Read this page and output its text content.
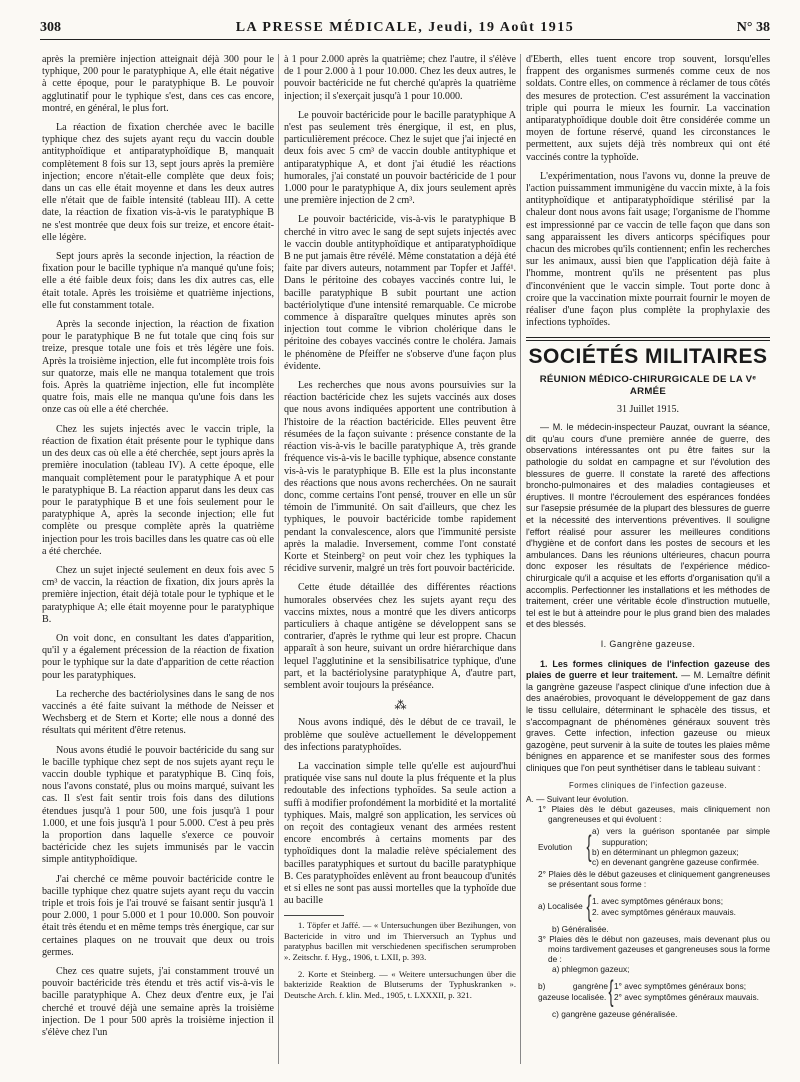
308	LA PRESSE MÉDICALE, Jeudi, 19 Août 1915	N° 38

après la première injection atteignait déjà 300 pour le typhique, 200 pour le paratyphique A, elle était négative à cette époque, pour le paratyphique B. Le pouvoir agglutinatif pour le typhique s'est, dans ces cas encore, montré, en général, le plus fort.

La réaction de fixation cherchée avec le bacille typhique chez des sujets ayant reçu du vaccin double antityphoïdique et antiparatyphoïdique B, manquait complètement 8 fois sur 13, sept jours après la première injection; encore n'était-elle complète que deux fois; dans un cas elle était moyenne et dans les deux autres elle n'était que de faible intensité (tableau III). A cette date, la réaction de fixation vis-à-vis le paratyphique B ne s'est montrée que deux fois sur treize, et encore était-elle légère.

Sept jours après la seconde injection, la réaction de fixation pour le bacille typhique n'a manqué qu'une fois; elle a été faible deux fois; dans les dix autres cas, elle était totale. Après les troisième et quatrième injections, elle fut constamment totale.

Après la seconde injection, la réaction de fixation pour le paratyphique B ne fut totale que cinq fois sur treize, presque totale une fois et très légère une fois. Après la troisième injection, elle fut incomplète trois fois sur quatorze, mais elle ne manqua totalement que trois fois. Après la quatrième injection, elle fut incomplète quatre fois, mais elle ne manqua qu'une fois dans les onze cas où elle a été cherchée.

Chez les sujets injectés avec le vaccin triple, la réaction de fixation était présente pour le typhique dans un des deux cas où elle a été cherchée, sept jours après la première inoculation (tableau IV). A cette époque, elle manquait complètement pour le paratyphique A et pour le paratyphique B. La réaction apparut dans les deux cas pour le paratyphique B et une fois seulement pour le paratyphique A, après la seconde injection; elle fut complète ou presque complète après la quatrième injection pour les trois bacilles dans les quatre cas où elle a été cherchée.

Chez un sujet injecté seulement en deux fois avec 5 cm³ de vaccin, la réaction de fixation, dix jours après la première injection, était déjà totale pour le typhique et le paratyphique A; elle était moyenne pour le paratyphique B.

On voit donc, en consultant les dates d'apparition, qu'il y a également précession de la réaction de fixation pour le typhique sur la date d'apparition de cette réaction pour les paratyphiques.

La recherche des bactériolysines dans le sang de nos vaccinés a été faite suivant la méthode de Neisser et Wechsberg et de Stern et Korte; elle nous a donné des résultats qui méritent d'être retenus.

Nous avons étudié le pouvoir bactéricide du sang sur le bacille typhique chez sept de nos sujets ayant reçu le vaccin double typhique et paratyphique B. Cinq fois, nous l'avons constaté, plus ou moins marqué, suivant les cas. Il s'est fait sentir trois fois dans des dilutions étendues jusqu'à 1 pour 500, une fois jusqu'à 1 pour 1.000, et une fois jusqu'à 1 pour 5.000. C'est à peu près la proportion dans laquelle s'exerce ce pouvoir bactéricide chez les sujets immunisés par le vaccin simple antityphoïdique.

J'ai cherché ce même pouvoir bactéricide contre le bacille typhique chez quatre sujets ayant reçu du vaccin triple et trois fois je l'ai trouvé se faisant sentir jusqu'à 1 pour 2.000, 1 pour 5.000 et 1 pour 10.000. Son pouvoir était très étendu et en même temps très énergique, car sur certaines plaques on ne trouvait que deux ou trois germes.

Chez ces quatre sujets, j'ai constamment trouvé un pouvoir bactéricide très étendu et très actif vis-à-vis le bacille paratyphique A. Chez deux d'entre eux, je l'ai cherché et trouvé déjà une semaine après la troisième injection. De 1 pour 500 après la troisième injection il s'élève chez l'un

à 1 pour 2.000 après la quatrième; chez l'autre, il s'élève de 1 pour 2.000 à 1 pour 10.000. Chez les deux autres, le pouvoir bactéricide ne fut cherché qu'après la quatrième injection; il s'exerçait jusqu'à 1 pour 10.000.

Le pouvoir bactéricide pour le bacille paratyphique A n'est pas seulement très énergique, il est, en plus, particulièrement précoce. Chez le sujet que j'ai injecté en deux fois avec 5 cm³ de vaccin double antityphique et antiparatyphique A, et dont j'ai étudié les réactions humorales, j'ai constaté un pouvoir bactéricide de 1 pour 1.000 pour le paratyphique A, dix jours seulement après une première injection de 2 cm³.

Le pouvoir bactéricide, vis-à-vis le paratyphique B cherché in vitro avec le sang de sept sujets injectés avec le vaccin double antityphoïdique et antiparatyphoïdique B ne put jamais être révélé. Même constatation a déjà été faite par divers auteurs, notamment par Topfer et Jaffé¹. Dans le péritoine des cobayes vaccinés contre lui, le bacille paratyphique B subit pourtant une action bactériolytique d'une intensité remarquable. Ce microbe commence à disparaître quelques minutes après son injection tout comme le vibrion cholérique dans le péritoine des cobayes vaccinés contre le choléra. Jamais le phénomène de Pfeiffer ne s'observe d'une façon plus évidente.

Les recherches que nous avons poursuivies sur la réaction bactéricide chez les sujets vaccinés aux doses que nous avons indiquées apportent une contribution à l'histoire de la réaction bactéricide. Elles peuvent être résumées de la façon suivante : présence constante de la réaction vis-à-vis le bacille paratyphique A, très grande fréquence vis-à-vis le bacille typhique, absence constante vis-à-vis le paratyphique B. Elle est la plus inconstante des réactions que nous avons recherchées. On ne saurait donc, comme certains l'ont pensé, trouver en elle un sûr témoin de l'immunité. On sait d'ailleurs, que chez les typhiques, le pouvoir bactéricide tombe rapidement pendant la convalescence, alors que l'immunité persiste après la maladie. Inversement, comme l'ont constaté Korte et Steinberg² on peut voir chez les typhiques la récidive survenir, malgré un très fort pouvoir bactéricide.

Cette étude détaillée des différentes réactions humorales observées chez les sujets ayant reçu des vaccins mixtes, nous a montré que les divers anticorps particuliers à chaque antigène se développent sans se contrarier, d'après le rythme qui leur est propre. Chacun apparaît à son heure, suivant un ordre hiérarchique dans lequel l'agglutinine et la sensibilisatrice typhique, d'une part, et la bactériolysine paratyphique A, d'autre part, semblent avoir toujours la préséance.

⁂

Nous avons indiqué, dès le début de ce travail, le problème que soulève actuellement le développement des infections paratyphoïdes.

La vaccination simple telle qu'elle est aujourd'hui pratiquée vise sans nul doute la plus fréquente et la plus redoutable des infections typhoïdes. Sa seule action a suffi à modifier profondément la morbidité et la mortalité typhiques. Mais, malgré son application, les services où on reçoit des contagieux venant des armées restent encore encombrés à certains moments par des typhoïdiques dont la maladie relève spécialement des bacilles paratyphiques et surtout du bacille paratyphique B. Ces paratyphoïdes enlèvent au front beaucoup d'unités et si elles ne sont pas aussi mortelles que la typhoïde due au bacille

1. Töpfer et Jaffé. — « Untersuchungen über Bezihungen, von Bactericide in vitro und im Thierversuch an Typhus und paratyphus bacillen mit verschiedenen specifischen serumproben ». Zeitschr. f. Hyg., 1906, t. LXII, p. 393.

2. Korte et Steinberg. — « Weitere untersuchungen über die bakterizide Reaktion de Blutserums der Typhuskranken ». Deutsche Arch. f. klin. Med., 1905, t. LXXXII, p. 321.

d'Eberth, elles tuent encore trop souvent, lorsqu'elles frappent des organismes surmenés comme ceux de nos soldats. Contre elles, on commence à réclamer de tous côtés des mesures de protection. C'est assurément la vaccination triple qui pourra le mieux les fournir. La vaccination antiparatyphoïdique double doit être considérée comme un moyen de fortune réservé, quand les circonstances le permettent, aux sujets déjà très nombreux qui ont été vaccinés contre la typhoïde.

L'expérimentation, nous l'avons vu, donne la preuve de l'action puissamment immunigène du vaccin mixte, à la fois antityphoïdique et antiparatyphoïdique stérilisé par la chaleur dont nous avons fait usage; l'organisme de l'homme est impressionné par ce vaccin de telle façon que dans son sang apparaissent les divers anticorps spécifiques pour chacun des microbes qu'ils contiennent; enfin les recherches sur les animaux, aussi bien que l'application déjà faite à l'homme, montrent qu'ils ne présentent pas plus d'inconvénient que le vaccin simple. Tout porte donc à croire que la vaccination mixte pourrait fournir le moyen de réaliser d'une façon plus complète la prophylaxie des infections typhoïdes.

SOCIÉTÉS MILITAIRES
RÉUNION MÉDICO-CHIRURGICALE DE LA Vᵉ ARMÉE
31 Juillet 1915.

— M. le médecin-inspecteur Pauzat, ouvrant la séance, dit qu'au cours d'une première année de guerre, des observations intéressantes ont pu être faites sur la pathologie du soldat en campagne et sur l'évolution des blessures de guerre. Il constate la rareté des affections broncho-pulmonaires et des maladies contagieuses et éruptives. Il montre l'écroulement des espérances fondées sur l'asepsie présumée de la plupart des blessures de guerre et la nécessité des interventions préventives. Il souligne l'effort réalisé pour assurer les meilleures conditions d'hygiène et de confort dans les postes de secours et les ambulances. Dans les réunions ultérieures, chacun pourra donc exposer les résultats de l'expérience médico-chirurgicale qu'il a acquise et les efforts d'organisation qu'il a accomplis. Perfectionner les installations et les méthodes de traitement, créer une véritable école d'instruction mutuelle, tel est le but à atteindre pour le plus grand bien des malades et des blessés.

I. Gangrène gazeuse.

1. Les formes cliniques de l'infection gazeuse des plaies de guerre et leur traitement. — M. Lemaître définit la gangrène gazeuse l'aspect clinique d'une infection due à des anaérobies, provoquant le développement de gaz dans le tissu cellulaire, déterminant le sphacèle des tissus, et s'accompagnant de phénomènes généraux souvent très graves. Cette infection, infection gazeuse ou mieux gazogène, peut survenir à la suite de toutes les plaies même bénignes en apparence et se manifester sous des formes cliniques que l'on peut synthétiser dans le tableau suivant :

Formes cliniques de l'infection gazeuse.
A. — Suivant leur évolution.
1° Plaies dès le début gazeuses, mais cliniquement non gangreneuses et qui évoluent :
Evolution { a) vers la guérison spontanée par simple suppuration;
b) en déterminant un phlegmon gazeux;
c) en devenant gangrène gazeuse confirmée.
2° Plaies dès le début gazeuses et cliniquement gangreneuses se présentant sous forme :
a) Localisée { 1. avec symptômes généraux bons;
2. avec symptômes généraux mauvais.
b) Généralisée.
3° Plaies dès le début non gazeuses, mais devenant plus ou moins tardivement gazeuses et gangreneuses sous la forme de :
a) phlegmon gazeux;
b) gangrène gazeuse localisée. { 1° avec symptômes généraux bons;
2° avec symptômes généraux mauvais.
c) gangrène gazeuse généralisée.
